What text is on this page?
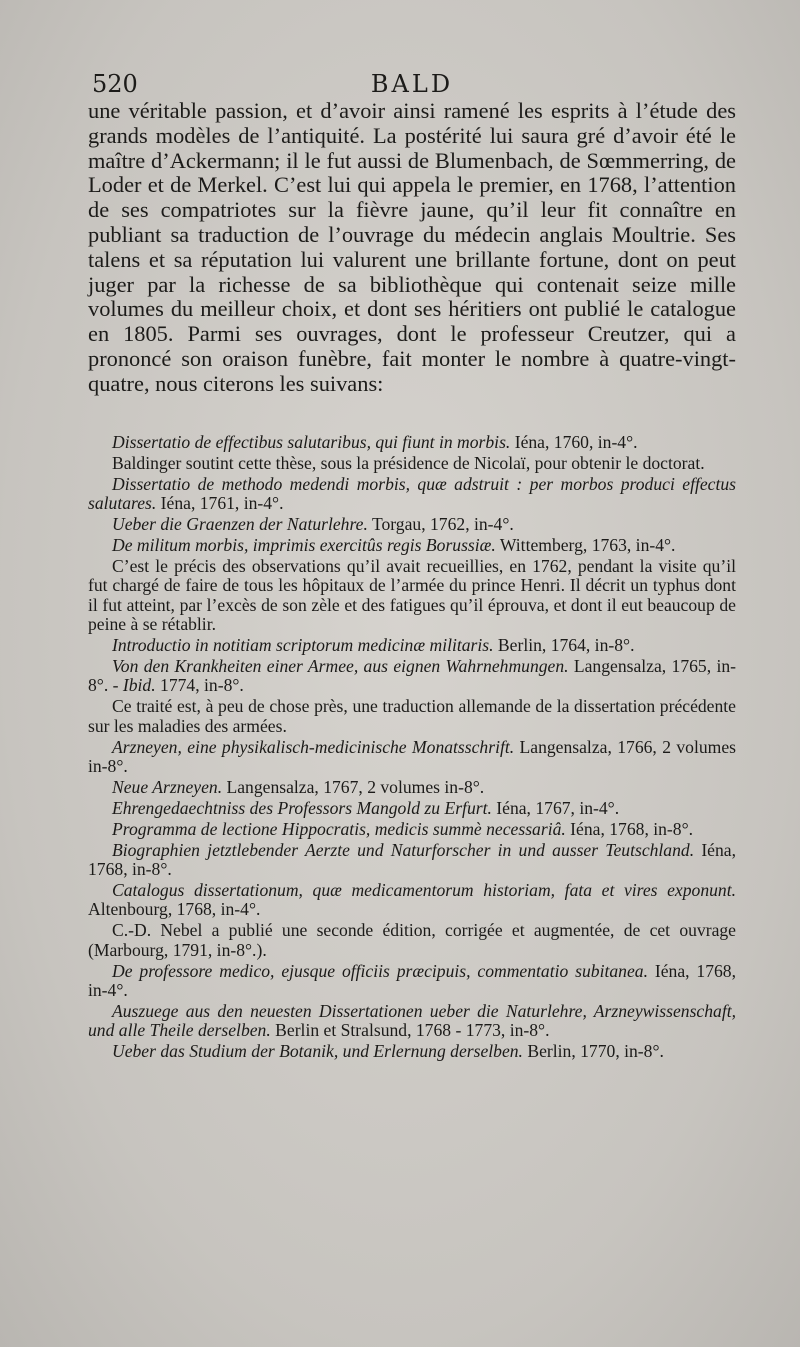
520	BALD

une véritable passion, et d’avoir ainsi ramené les esprits à l’étude des grands modèles de l’antiquité. La postérité lui saura gré d’avoir été le maître d’Ackermann; il le fut aussi de Blumenbach, de Sœmmerring, de Loder et de Merkel. C’est lui qui appela le premier, en 1768, l’attention de ses compatriotes sur la fièvre jaune, qu’il leur fit connaître en publiant sa traduction de l’ouvrage du médecin anglais Moultrie. Ses talens et sa réputation lui valurent une brillante fortune, dont on peut juger par la richesse de sa bibliothèque qui contenait seize mille volumes du meilleur choix, et dont ses héritiers ont publié le catalogue en 1805. Parmi ses ouvrages, dont le professeur Creutzer, qui a prononcé son oraison funèbre, fait monter le nombre à quatre-vingt-quatre, nous citerons les suivans:

Dissertatio de effectibus salutaribus, qui fiunt in morbis. Iéna, 1760, in-4°.

Baldinger soutint cette thèse, sous la présidence de Nicolaï, pour obtenir le doctorat.

Dissertatio de methodo medendi morbis, quæ adstruit : per morbos produci effectus salutares. Iéna, 1761, in-4°.

Ueber die Graenzen der Naturlehre. Torgau, 1762, in-4°.

De militum morbis, imprimis exercitûs regis Borussiæ. Wittemberg, 1763, in-4°.

C’est le précis des observations qu’il avait recueillies, en 1762, pendant la visite qu’il fut chargé de faire de tous les hôpitaux de l’armée du prince Henri. Il décrit un typhus dont il fut atteint, par l’excès de son zèle et des fatigues qu’il éprouva, et dont il eut beaucoup de peine à se rétablir.

Introductio in notitiam scriptorum medicinæ militaris. Berlin, 1764, in-8°.

Von den Krankheiten einer Armee, aus eignen Wahrnehmungen. Langensalza, 1765, in-8°. - Ibid. 1774, in-8°.

Ce traité est, à peu de chose près, une traduction allemande de la dissertation précédente sur les maladies des armées.

Arzneyen, eine physikalisch-medicinische Monatsschrift. Langensalza, 1766, 2 volumes in-8°.

Neue Arzneyen. Langensalza, 1767, 2 volumes in-8°.

Ehrengedaechtniss des Professors Mangold zu Erfurt. Iéna, 1767, in-4°.

Programma de lectione Hippocratis, medicis summè necessariâ. Iéna, 1768, in-8°.

Biographien jetztlebender Aerzte und Naturforscher in und ausser Teutschland. Iéna, 1768, in-8°.

Catalogus dissertationum, quæ medicamentorum historiam, fata et vires exponunt. Altenbourg, 1768, in-4°.

C.-D. Nebel a publié une seconde édition, corrigée et augmentée, de cet ouvrage (Marbourg, 1791, in-8°.).

De professore medico, ejusque officiis præcipuis, commentatio subitanea. Iéna, 1768, in-4°.

Auszuege aus den neuesten Dissertationen ueber die Naturlehre, Arzneywissenschaft, und alle Theile derselben. Berlin et Stralsund, 1768 - 1773, in-8°.

Ueber das Studium der Botanik, und Erlernung derselben. Berlin, 1770, in-8°.
